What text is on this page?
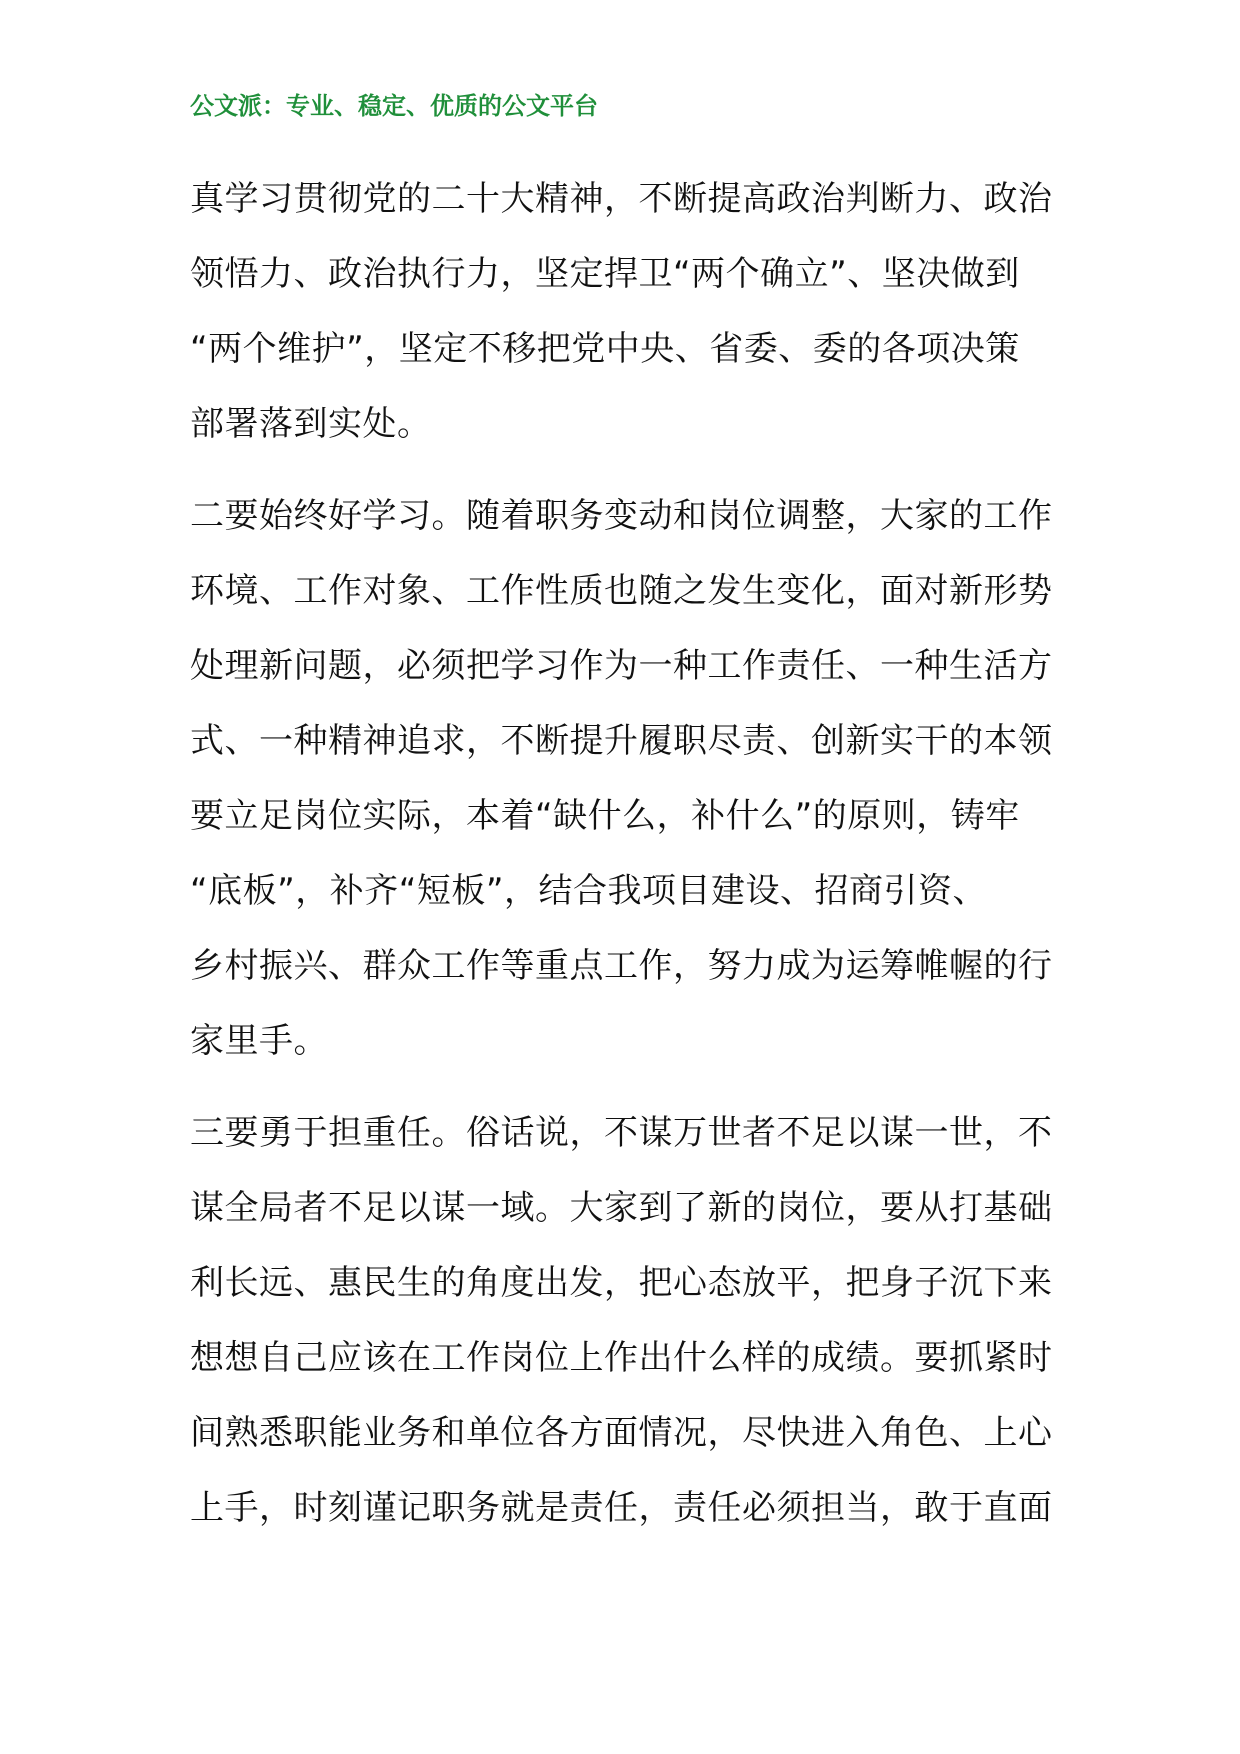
公文派：专业、稳定、优质的公文平台
真学习贯彻党的二十大精神，不断提高政治判断力、政治
领悟力、政治执行力，坚定捍卫“两个确立”、坚决做到
“两个维护”，坚定不移把党中央、省委、委的各项决策
部署落到实处。
二要始终好学习。随着职务变动和岗位调整，大家的工作
环境、工作对象、工作性质也随之发生变化，面对新形势
处理新问题，必须把学习作为一种工作责任、一种生活方
式、一种精神追求，不断提升履职尽责、创新实干的本领
要立足岗位实际，本着“缺什么，补什么”的原则，铸牢
“底板”，补齐“短板”，结合我项目建设、招商引资、
乡村振兴、群众工作等重点工作，努力成为运筹帷幄的行
家里手。
三要勇于担重任。俗话说，不谋万世者不足以谋一世，不
谋全局者不足以谋一域。大家到了新的岗位，要从打基础
利长远、惠民生的角度出发，把心态放平，把身子沉下来
想想自己应该在工作岗位上作出什么样的成绩。要抓紧时
间熟悉职能业务和单位各方面情况，尽快进入角色、上心
上手，时刻谨记职务就是责任，责任必须担当，敢于直面
